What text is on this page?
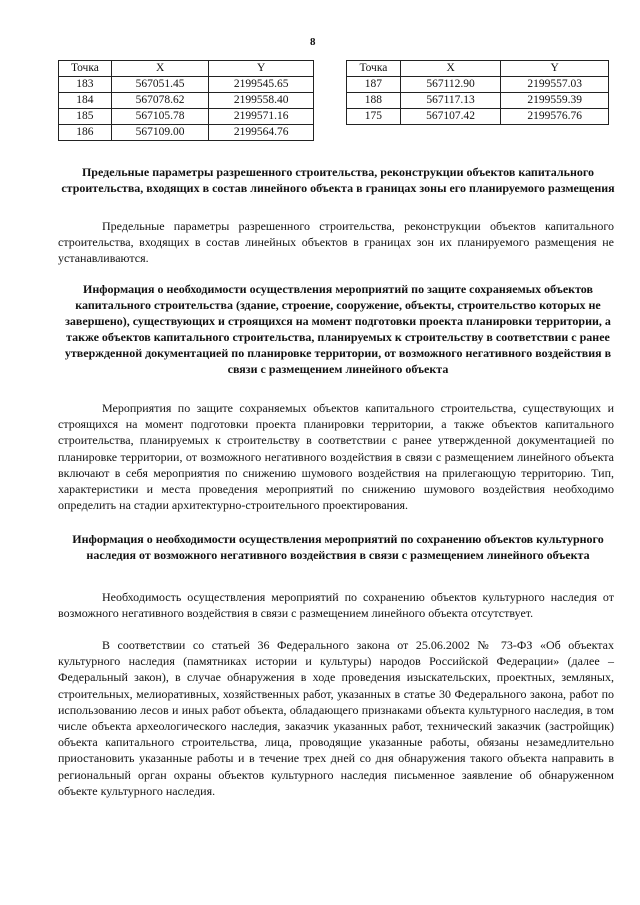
8
Точка	X	Y
183	567051.45	2199545.65
184	567078.62	2199558.40
185	567105.78	2199571.16
186	567109.00	2199564.76
Точка	X	Y
187	567112.90	2199557.03
188	567117.13	2199559.39
175	567107.42	2199576.76
Предельные параметры разрешенного строительства, реконструкции объектов капитального строительства, входящих в состав линейного объекта в границах зоны его планируемого размещения
Предельные параметры разрешенного строительства, реконструкции объектов капитального строительства, входящих в состав линейных объектов в границах зон их планируемого размещения не устанавливаются.
Информация о необходимости осуществления мероприятий по защите сохраняемых объектов капитального строительства (здание, строение, сооружение, объекты, строительство которых не завершено), существующих и строящихся на момент подготовки проекта планировки территории, а также объектов капитального строительства, планируемых к строительству в соответствии с ранее утвержденной документацией по планировке территории, от возможного негативного воздействия в связи с размещением линейного объекта
Мероприятия по защите сохраняемых объектов капитального строительства, существующих и строящихся на момент подготовки проекта планировки территории, а также объектов капитального строительства, планируемых к строительству в соответствии с ранее утвержденной документацией по планировке территории, от возможного негативного воздействия в связи с размещением линейного объекта включают в себя мероприятия по снижению шумового воздействия на прилегающую территорию. Тип, характеристики и места проведения мероприятий по снижению шумового воздействия необходимо определить на стадии архитектурно-строительного проектирования.
Информация о необходимости осуществления мероприятий по сохранению объектов культурного наследия от возможного негативного воздействия в связи с размещением линейного объекта
Необходимость осуществления мероприятий по сохранению объектов культурного наследия от возможного негативного воздействия в связи с размещением линейного объекта отсутствует.
В соответствии со статьей 36 Федерального закона от 25.06.2002 № 73-ФЗ «Об объектах культурного наследия (памятниках истории и культуры) народов Российской Федерации» (далее – Федеральный закон), в случае обнаружения в ходе проведения изыскательских, проектных, земляных, строительных, мелиоративных, хозяйственных работ, указанных в статье 30 Федерального закона, работ по использованию лесов и иных работ объекта, обладающего признаками объекта культурного наследия, в том числе объекта археологического наследия, заказчик указанных работ, технический заказчик (застройщик) объекта капитального строительства, лица, проводящие указанные работы, обязаны незамедлительно приостановить указанные работы и в течение трех дней со дня обнаружения такого объекта направить в региональный орган охраны объектов культурного наследия письменное заявление об обнаруженном объекте культурного наследия.
